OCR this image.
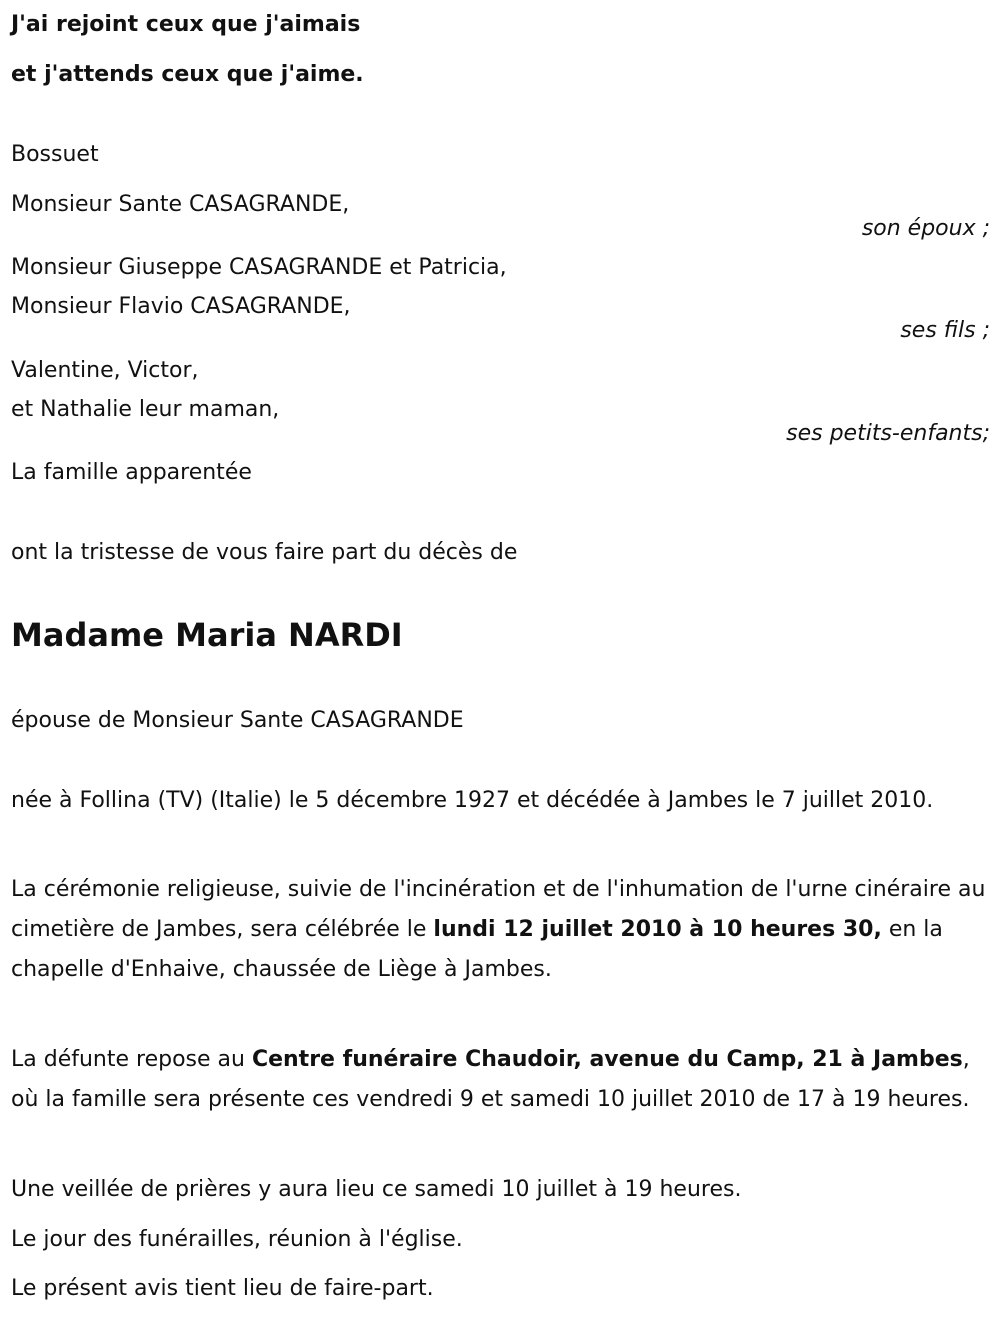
J'ai rejoint ceux que j'aimais
et j'attends ceux que j'aime.
Bossuet
Monsieur Sante CASAGRANDE,
son époux ;
Monsieur Giuseppe CASAGRANDE et Patricia,
Monsieur Flavio CASAGRANDE,
ses fils ;
Valentine, Victor,
et Nathalie leur maman,
ses petits-enfants;
La famille apparentée
ont la tristesse de vous faire part du décès de
Madame Maria NARDI
épouse de Monsieur Sante CASAGRANDE
née à Follina (TV) (Italie) le 5 décembre 1927 et décédée à Jambes le 7 juillet 2010.
La cérémonie religieuse, suivie de l'incinération et de l'inhumation de l'urne cinéraire au cimetière de Jambes, sera célébrée le lundi 12 juillet 2010 à 10 heures 30, en la chapelle d'Enhaive, chaussée de Liège à Jambes.
La défunte repose au Centre funéraire Chaudoir, avenue du Camp, 21 à Jambes, où la famille sera présente ces vendredi 9 et samedi 10 juillet 2010 de 17 à 19 heures.
Une veillée de prières y aura lieu ce samedi 10 juillet à 19 heures.
Le jour des funérailles, réunion à l'église.
Le présent avis tient lieu de faire-part.
